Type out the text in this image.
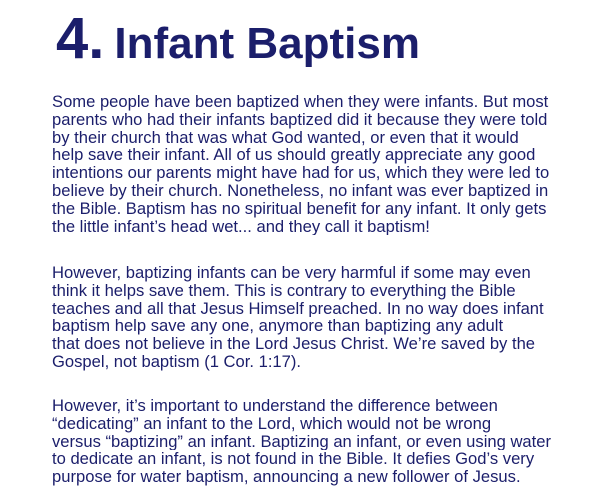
4. Infant Baptism

Some people have been baptized when they were infants. But most
parents who had their infants baptized did it because they were told
by their church that was what God wanted, or even that it would
help save their infant. All of us should greatly appreciate any good
intentions our parents might have had for us, which they were led to
believe by their church. Nonetheless, no infant was ever baptized in
the Bible. Baptism has no spiritual benefit for any infant. It only gets
the little infant’s head wet... and they call it baptism!

However, baptizing infants can be very harmful if some may even
think it helps save them. This is contrary to everything the Bible
teaches and all that Jesus Himself preached. In no way does infant
baptism help save any one, anymore than baptizing any adult
that does not believe in the Lord Jesus Christ. We’re saved by the
Gospel, not baptism (1 Cor. 1:17).

However, it’s important to understand the difference between
“dedicating” an infant to the Lord, which would not be wrong
versus “baptizing” an infant. Baptizing an infant, or even using water
to dedicate an infant, is not found in the Bible. It defies God’s very
purpose for water baptism, announcing a new follower of Jesus.
